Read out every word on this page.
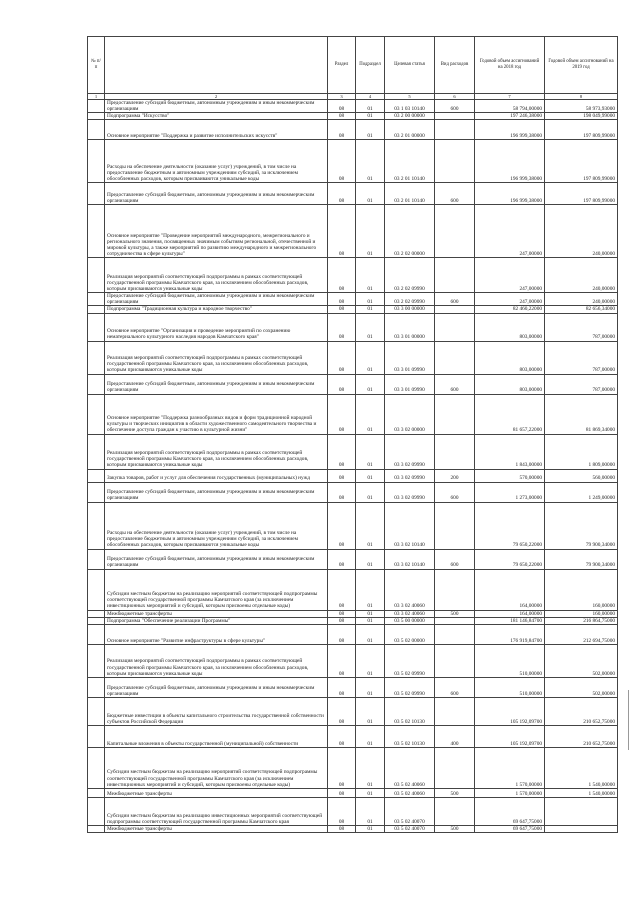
№ п/п		Раздел	Подраздел	Целевая статья	Вид расходов	Годовой объем ассигнований на 2018 год	Годовой объем ассигнований на 2019 год
1	2	3	4	5	6	7	8
	Предоставление субсидий бюджетным, автономным учреждениям и иным некоммерческим организациям	08	01	03 1 03 10140	600	58 794,00000	58 973,93000
	Подпрограмма "Искусство"	08	01	03 2 00 00000		197 246,38000	198 049,99000
	Основное мероприятие "Поддержка и развитие исполнительских искусств"	08	01	03 2 01 00000		196 999,38000	197 809,99000
	Расходы на обеспечение деятельности (оказание услуг) учреждений, в том числе на предоставление бюджетным и автономным учреждениям субсидий, за исключением обособленных расходов, которым присваиваются уникальные коды	08	01	03 2 01 10140		196 999,38000	197 809,99000
	Предоставление субсидий бюджетным, автономным учреждениям и иным некоммерческим организациям	08	01	03 2 01 10140	600	196 999,38000	197 809,99000
	Основное мероприятие "Проведение мероприятий международного, межрегионального и регионального значения, посвященных значимым событиям региональной, отечественной и мировой культуры, а также мероприятий по развитию международного и межрегионального сотрудничества в сфере культуры"	08	01	03 2 02 00000		247,00000	240,00000
	Реализация мероприятий соответствующей подпрограммы в рамках соответствующей государственной программы Камчатского края, за исключением обособленных расходов, которым присваиваются уникальные коды	08	01	03 2 02 09990		247,00000	240,00000
	Предоставление субсидий бюджетным, автономным учреждениям и иным некоммерческим организациям	08	01	03 2 02 09990	600	247,00000	240,00000
	Подпрограмма "Традиционная культура и народное творчество"	08	01	03 3 00 00000		82 460,22000	82 656,34000
	Основное мероприятие "Организация и проведение мероприятий по сохранению нематериального культурного наследия народов Камчатского края"	08	01	03 3 01 00000		803,00000	787,00000
	Реализация мероприятий соответствующей подпрограммы в рамках соответствующей государственной программы Камчатского края, за исключением обособленных расходов, которым присваиваются уникальные коды	08	01	03 3 01 09990		803,00000	787,00000
	Предоставление субсидий бюджетным, автономным учреждениям и иным некоммерческим организациям	08	01	03 3 01 09990	600	803,00000	787,00000
	Основное мероприятие "Поддержка разнообразных видов и форм традиционной народной культуры и творческих инициатив в области художественного самодеятельного творчества и обеспечение доступа граждан к участию в культурной жизни"	08	01	03 3 02 00000		81 657,22000	81 869,34000
	Реализация мероприятий соответствующей подпрограммы в рамках соответствующей государственной программы Камчатского края, за исключением обособленных расходов, которым присваиваются уникальные коды	08	01	03 3 02 09990		1 843,00000	1 809,00000
	Закупка товаров, работ и услуг для обеспечения государственных (муниципальных) нужд	08	01	03 3 02 09990	200	570,00000	560,00000
	Предоставление субсидий бюджетным, автономным учреждениям и иным некоммерческим организациям	08	01	03 3 02 09990	600	1 273,00000	1 249,00000
	Расходы на обеспечение деятельности (оказание услуг) учреждений, в том числе на предоставление бюджетным и автономным учреждениям субсидий, за исключением обособленных расходов, которым присваиваются уникальные коды	08	01	03 3 02 10140		79 650,22000	79 900,34000
	Предоставление субсидий бюджетным, автономным учреждениям и иным некоммерческим организациям	08	01	03 3 02 10140	600	79 650,22000	79 900,34000
	Субсидии местным бюджетам на реализацию мероприятий соответствующей подпрограммы соответствующей государственной программы Камчатского края (за исключением инвестиционных мероприятий и субсидий, которым присвоены отдельные коды)	08	01	03 3 02 40060		164,00000	160,00000
	Межбюджетные трансферты	08	01	03 3 02 40060	500	164,00000	160,00000
	Подпрограмма "Обеспечение реализации Программы"	08	01	03 5 00 00000		181 146,84700	216 864,75000
	Основное мероприятие "Развитие инфраструктуры в сфере культуры"	08	01	03 5 02 00000		176 919,84700	212 694,75000
	Реализация мероприятий соответствующей подпрограммы в рамках соответствующей государственной программы Камчатского края, за исключением обособленных расходов, которым присваиваются уникальные коды	08	01	03 5 02 09990		510,00000	502,00000
	Предоставление субсидий бюджетным, автономным учреждениям и иным некоммерческим организациям	08	01	03 5 02 09990	600	510,00000	502,00000
	Бюджетные инвестиции в объекты капитального строительства государственной собственности субъектов Российской Федерации	08	01	03 5 02 10130		105 192,09700	210 652,75000
	Капитальные вложения в объекты государственной (муниципальной) собственности	08	01	03 5 02 10130	400	105 192,09700	210 652,75000
	Субсидии местным бюджетам на реализацию мероприятий соответствующей подпрограммы соответствующей государственной программы Камчатского края (за исключением инвестиционных мероприятий и субсидий, которым присвоены отдельные коды)	08	01	03 5 02 40060		1 570,00000	1 540,00000
	Межбюджетные трансферты	08	01	03 5 02 40060	500	1 570,00000	1 540,00000
	Субсидии местным бюджетам на реализацию инвестиционных мероприятий соответствующей подпрограммы соответствующей государственной программы Камчатского края	08	01	03 5 02 40070		69 647,75000	
	Межбюджетные трансферты	08	01	03 5 02 40070	500	69 647,75000	
